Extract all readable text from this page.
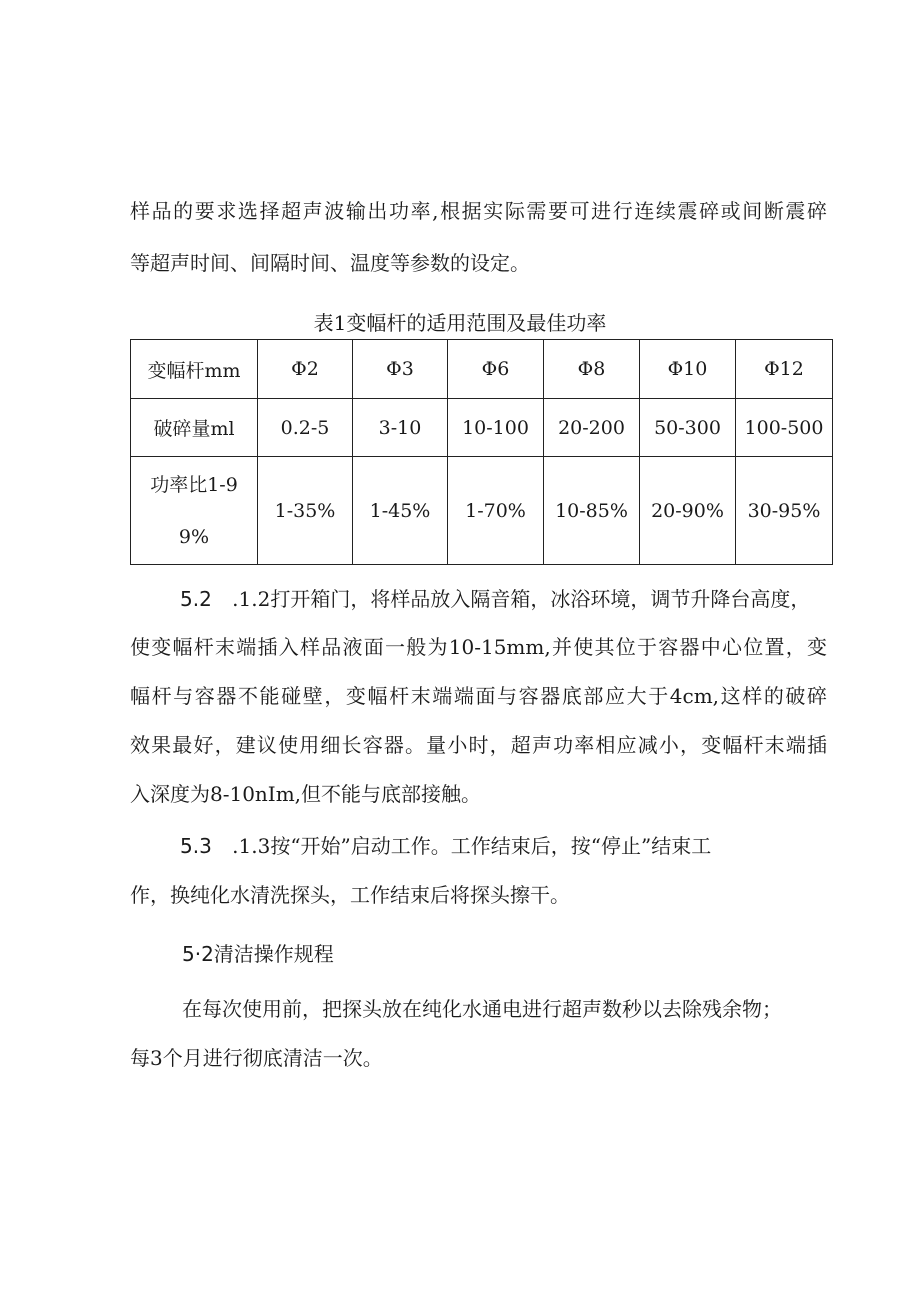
样品的要求选择超声波输出功率,根据实际需要可进行连续震碎或间断震碎
等超声时间、间隔时间、温度等参数的设定。
表1变幅杆的适用范围及最佳功率
变幅杆mm	Φ2	Φ3	Φ6	Φ8	Φ10	Φ12
破碎量ml	0.2-5	3-10	10-100	20-200	50-300	100-500

功率比1-9
9%	1-35%	1-45%	1-70%	10-85%	20-90%	30-95%
5.2 .1.2打开箱门，将样品放入隔音箱，冰浴环境，调节升降台高度，
使变幅杆末端插入样品液面一般为10-15mm,并使其位于容器中心位置，变
幅杆与容器不能碰壁，变幅杆末端端面与容器底部应大于4cm,这样的破碎
效果最好，建议使用细长容器。量小时，超声功率相应减小，变幅杆末端插
入深度为8-10nIm,但不能与底部接触。
5.3 .1.3按“开始”启动工作。工作结束后，按“停止”结束工
作，换纯化水清洗探头，工作结束后将探头擦干。
5·2清洁操作规程
在每次使用前，把探头放在纯化水通电进行超声数秒以去除残余物；
每3个月进行彻底清洁一次。
